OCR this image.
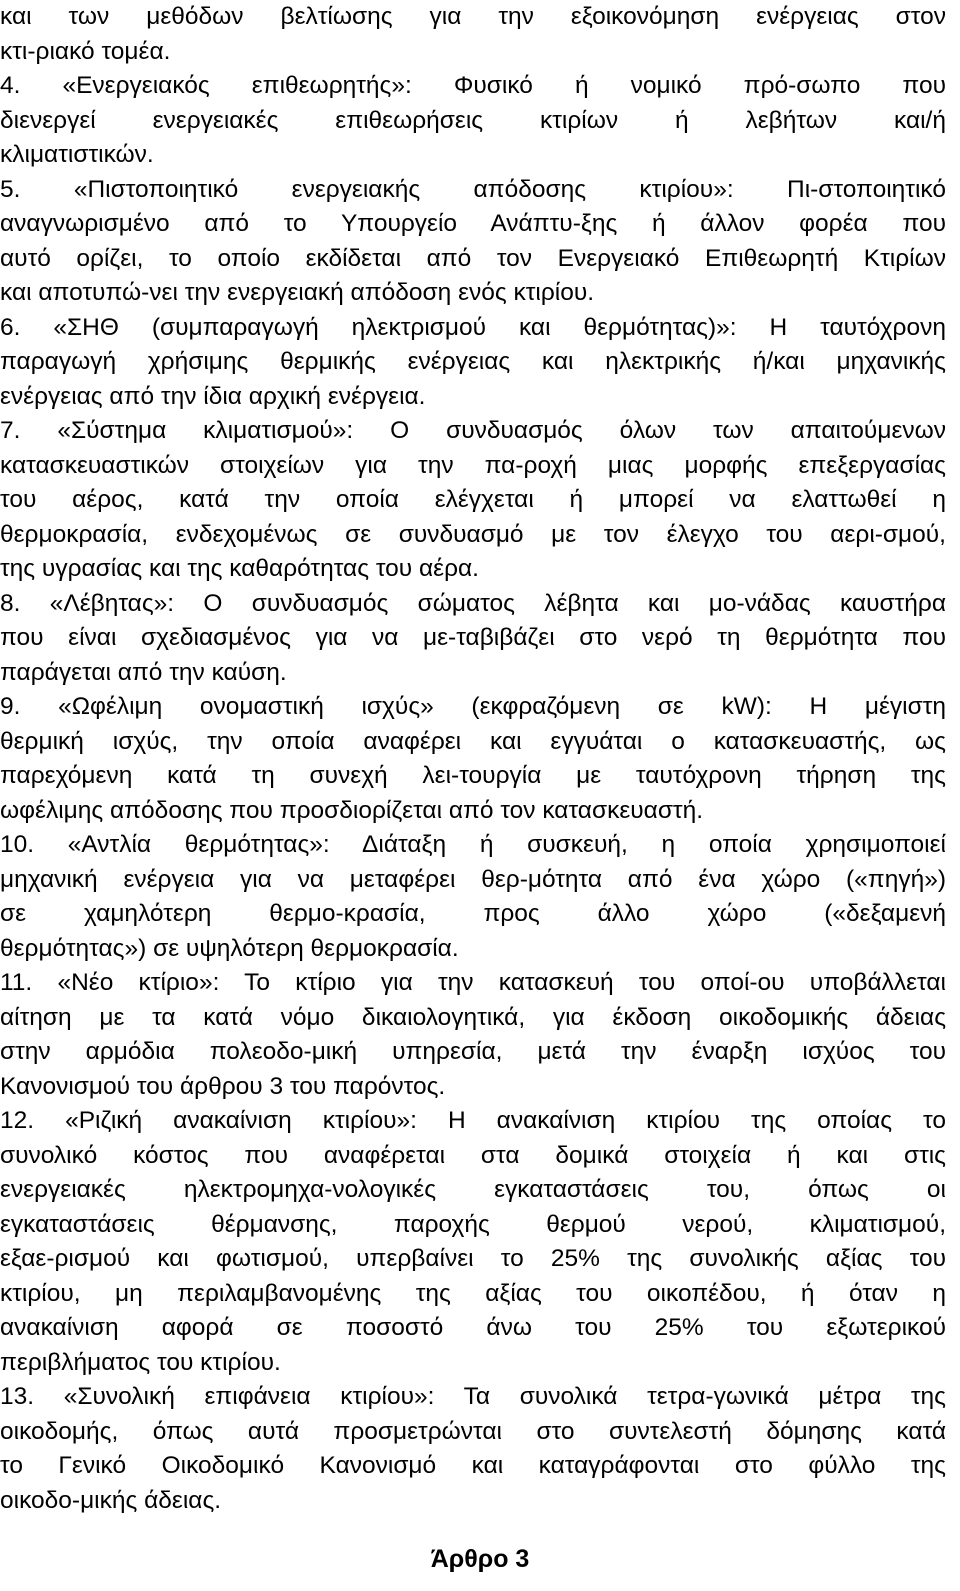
και των μεθόδων βελτίωσης για την εξοικονόμηση ενέργειας στον
κτι-ριακό τομέα.
4. «Ενεργειακός επιθεωρητής»: Φυσικό ή νομικό πρό-σωπο που
διενεργεί ενεργειακές επιθεωρήσεις κτιρίων ή λεβήτων και/ή
κλιματιστικών.
5. «Πιστοποιητικό ενεργειακής απόδοσης κτιρίου»: Πι-στοποιητικό
αναγνωρισμένο από το Υπουργείο Ανάπτυ-ξης ή άλλον φορέα που
αυτό ορίζει, το οποίο εκδίδεται από τον Ενεργειακό Επιθεωρητή Κτιρίων
και αποτυπώ-νει την ενεργειακή απόδοση ενός κτιρίου.
6. «ΣΗΘ (συμπαραγωγή ηλεκτρισμού και θερμότητας)»: Η ταυτόχρονη
παραγωγή χρήσιμης θερμικής ενέργειας και ηλεκτρικής ή/και μηχανικής
ενέργειας από την ίδια αρχική ενέργεια.
7. «Σύστημα κλιματισμού»: Ο συνδυασμός όλων των απαιτούμενων
κατασκευαστικών στοιχείων για την πα-ροχή μιας μορφής επεξεργασίας
του αέρος, κατά την οποία ελέγχεται ή μπορεί να ελαττωθεί η
θερμοκρασία, ενδεχομένως σε συνδυασμό με τον έλεγχο του αερι-σμού,
της υγρασίας και της καθαρότητας του αέρα.
8. «Λέβητας»: Ο συνδυασμός σώματος λέβητα και μο-νάδας καυστήρα
που είναι σχεδιασμένος για να με-ταβιβάζει στο νερό τη θερμότητα που
παράγεται από την καύση.
9. «Ωφέλιμη ονομαστική ισχύς» (εκφραζόμενη σε kW): Η μέγιστη
θερμική ισχύς, την οποία αναφέρει και εγγυάται ο κατασκευαστής, ως
παρεχόμενη κατά τη συνεχή λει-τουργία με ταυτόχρονη τήρηση της
ωφέλιμης απόδοσης που προσδιορίζεται από τον κατασκευαστή.
10. «Αντλία θερμότητας»: Διάταξη ή συσκευή, η οποία χρησιμοποιεί
μηχανική ενέργεια για να μεταφέρει θερ-μότητα από ένα χώρο («πηγή»)
σε χαμηλότερη θερμο-κρασία, προς άλλο χώρο («δεξαμενή
θερμότητας») σε υψηλότερη θερμοκρασία.
11. «Νέο κτίριο»: Το κτίριο για την κατασκευή του οποί-ου υποβάλλεται
αίτηση με τα κατά νόμο δικαιολογητικά, για έκδοση οικοδομικής άδειας
στην αρμόδια πολεοδο-μική υπηρεσία, μετά την έναρξη ισχύος του
Κανονισμού του άρθρου 3 του παρόντος.
12. «Ριζική ανακαίνιση κτιρίου»: Η ανακαίνιση κτιρίου της οποίας το
συνολικό κόστος που αναφέρεται στα δομικά στοιχεία ή και στις
ενεργειακές ηλεκτρομηχα-νολογικές εγκαταστάσεις του, όπως οι
εγκαταστάσεις θέρμανσης, παροχής θερμού νερού, κλιματισμού,
εξαε-ρισμού και φωτισμού, υπερβαίνει το 25% της συνολικής αξίας του
κτιρίου, μη περιλαμβανομένης της αξίας του οικοπέδου, ή όταν η
ανακαίνιση αφορά σε ποσοστό άνω του 25% του εξωτερικού
περιβλήματος του κτιρίου.
13. «Συνολική επιφάνεια κτιρίου»: Τα συνολικά τετρα-γωνικά μέτρα της
οικοδομής, όπως αυτά προσμετρώνται στο συντελεστή δόμησης κατά
το Γενικό Οικοδομικό Κανονισμό και καταγράφονται στο φύλλο της
οικοδο-μικής άδειας.
Άρθρο 3
